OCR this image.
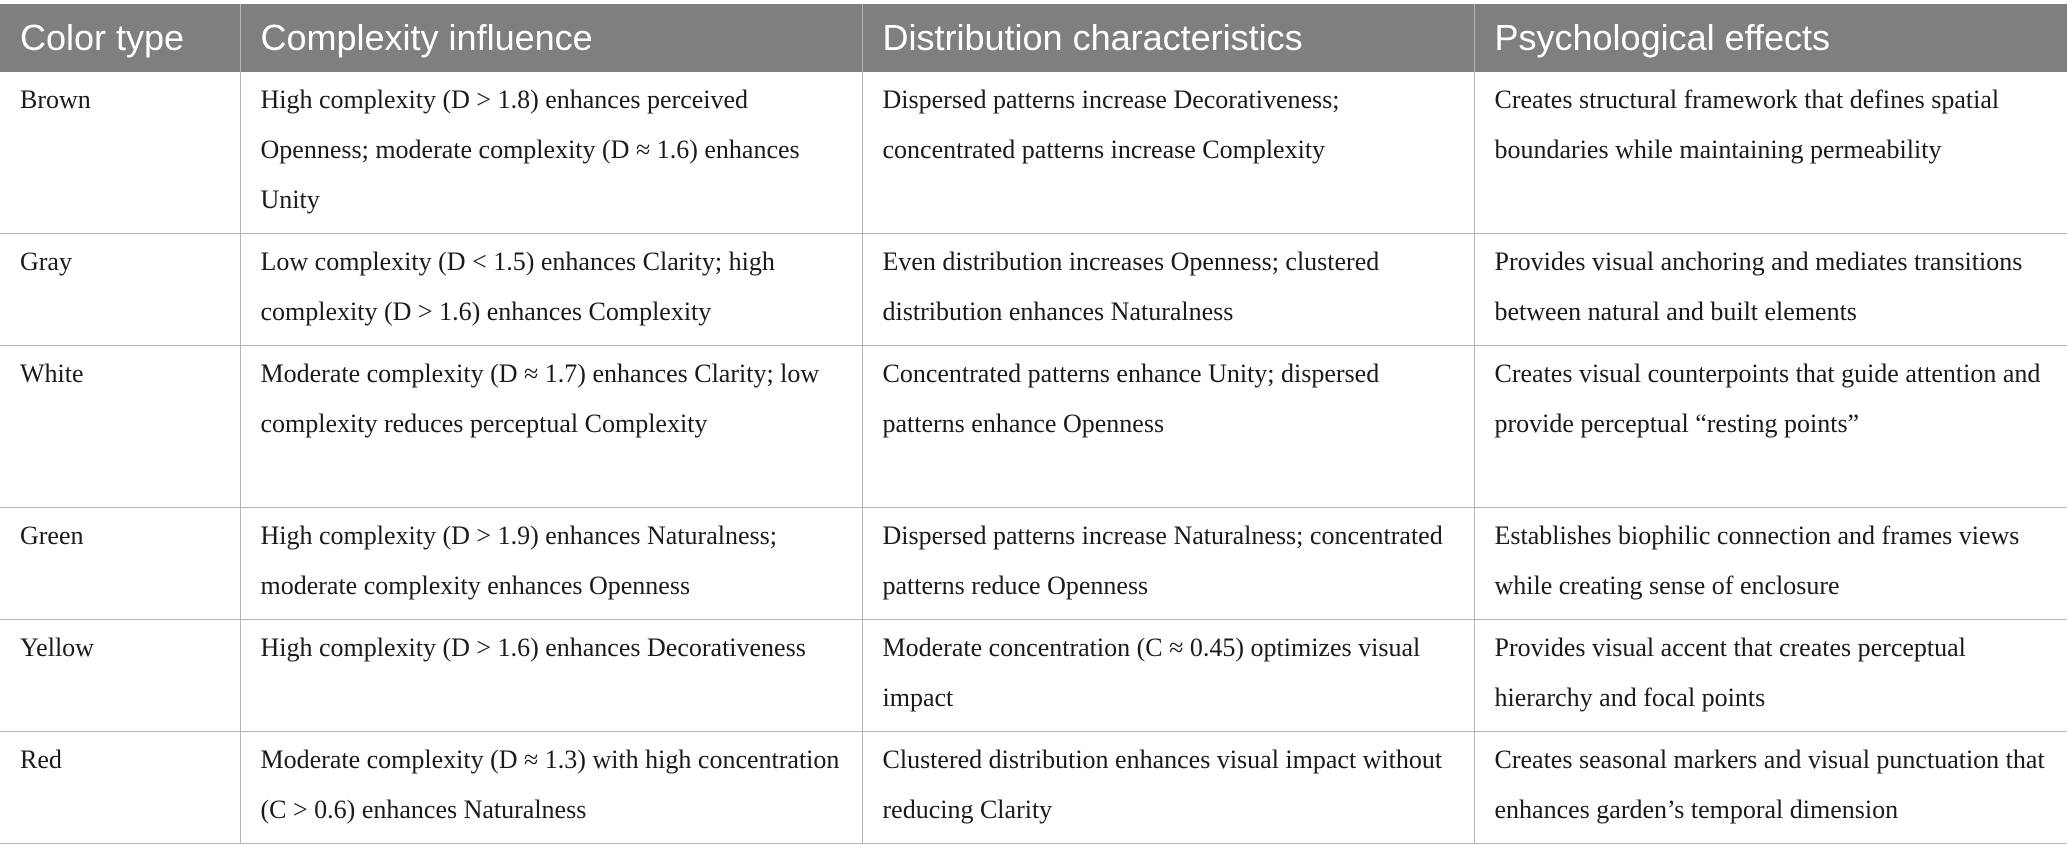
Color type	Complexity influence	Distribution characteristics	Psychological effects
Brown	High complexity (D > 1.8) enhances perceived Openness; moderate complexity (D ≈ 1.6) enhances Unity	Dispersed patterns increase Decorativeness; concentrated patterns increase Complexity	Creates structural framework that defines spatial boundaries while maintaining permeability
Gray	Low complexity (D < 1.5) enhances Clarity; high complexity (D > 1.6) enhances Complexity	Even distribution increases Openness; clustered distribution enhances Naturalness	Provides visual anchoring and mediates transitions between natural and built elements
White	Moderate complexity (D ≈ 1.7) enhances Clarity; low complexity reduces perceptual Complexity	Concentrated patterns enhance Unity; dispersed patterns enhance Openness	Creates visual counterpoints that guide attention and provide perceptual “resting points”
Green	High complexity (D > 1.9) enhances Naturalness; moderate complexity enhances Openness	Dispersed patterns increase Naturalness; concentrated patterns reduce Openness	Establishes biophilic connection and frames views while creating sense of enclosure
Yellow	High complexity (D > 1.6) enhances Decorativeness	Moderate concentration (C ≈ 0.45) optimizes visual impact	Provides visual accent that creates perceptual hierarchy and focal points
Red	Moderate complexity (D ≈ 1.3) with high concentration (C > 0.6) enhances Naturalness	Clustered distribution enhances visual impact without reducing Clarity	Creates seasonal markers and visual punctuation that enhances garden’s temporal dimension
